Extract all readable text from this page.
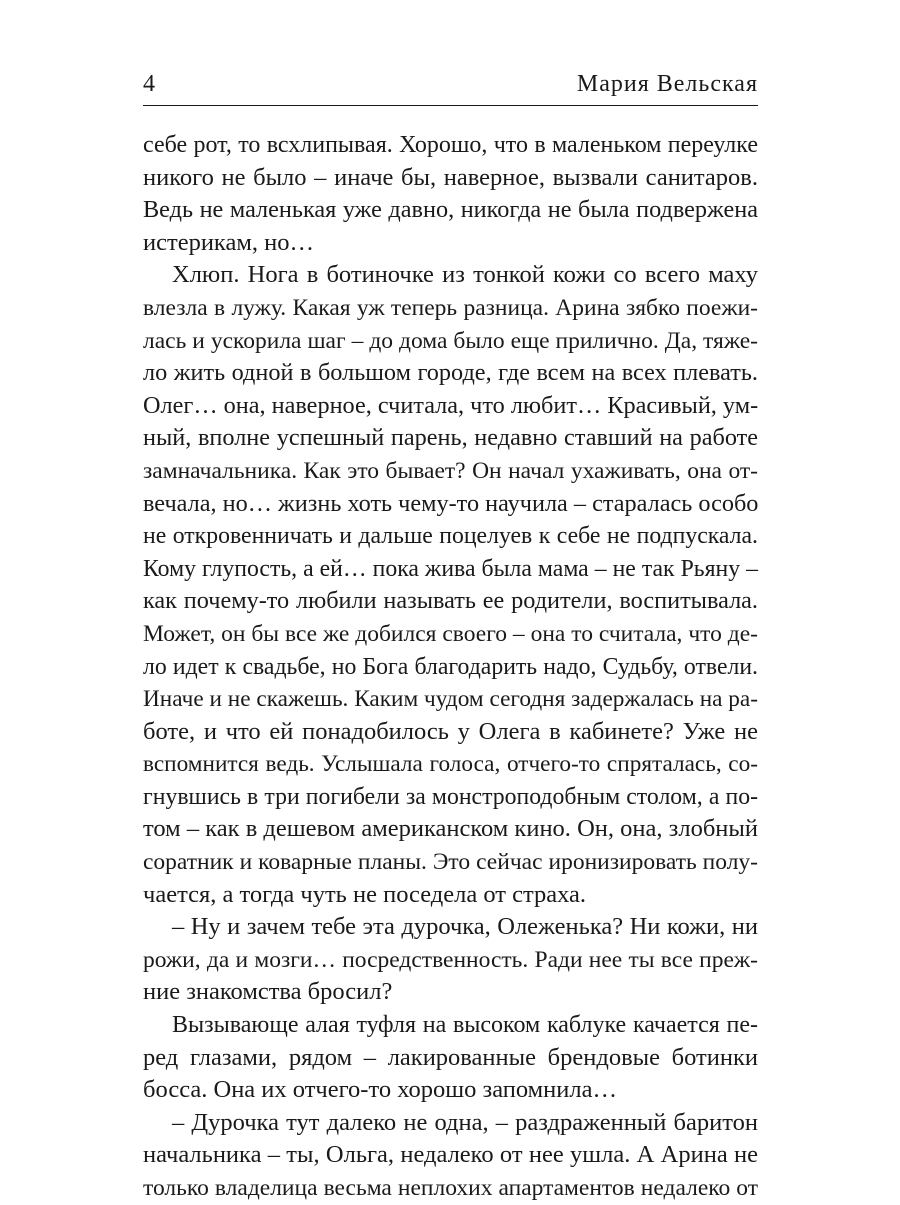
4	Мария Вельская
себе рот, то всхлипывая. Хорошо, что в маленьком переулке
никого не было – иначе бы, наверное, вызвали санитаров.
Ведь не маленькая уже давно, никогда не была подвержена
истерикам, но…
Хлюп. Нога в ботиночке из тонкой кожи со всего маху
влезла в лужу. Какая уж теперь разница. Арина зябко поежи-
лась и ускорила шаг – до дома было еще прилично. Да, тяже-
ло жить одной в большом городе, где всем на всех плевать.
Олег… она, наверное, считала, что любит… Красивый, ум-
ный, вполне успешный парень, недавно ставший на работе
замначальника. Как это бывает? Он начал ухаживать, она от-
вечала, но… жизнь хоть чему-то научила – старалась особо
не откровенничать и дальше поцелуев к себе не подпускала.
Кому глупость, а ей… пока жива была мама – не так Рьяну –
как почему-то любили называть ее родители, воспитывала.
Может, он бы все же добился своего – она то считала, что де-
ло идет к свадьбе, но Бога благодарить надо, Судьбу, отвели.
Иначе и не скажешь. Каким чудом сегодня задержалась на ра-
боте, и что ей понадобилось у Олега в кабинете? Уже не
вспомнится ведь. Услышала голоса, отчего-то спряталась, со-
гнувшись в три погибели за монстроподобным столом, а по-
том – как в дешевом американском кино. Он, она, злобный
соратник и коварные планы. Это сейчас иронизировать полу-
чается, а тогда чуть не поседела от страха.
– Ну и зачем тебе эта дурочка, Олеженька? Ни кожи, ни
рожи, да и мозги… посредственность. Ради нее ты все преж-
ние знакомства бросил?
Вызывающе алая туфля на высоком каблуке качается пе-
ред глазами, рядом – лакированные брендовые ботинки
босса. Она их отчего-то хорошо запомнила…
– Дурочка тут далеко не одна, – раздраженный баритон
начальника – ты, Ольга, недалеко от нее ушла. А Арина не
только владелица весьма неплохих апартаментов недалеко от
